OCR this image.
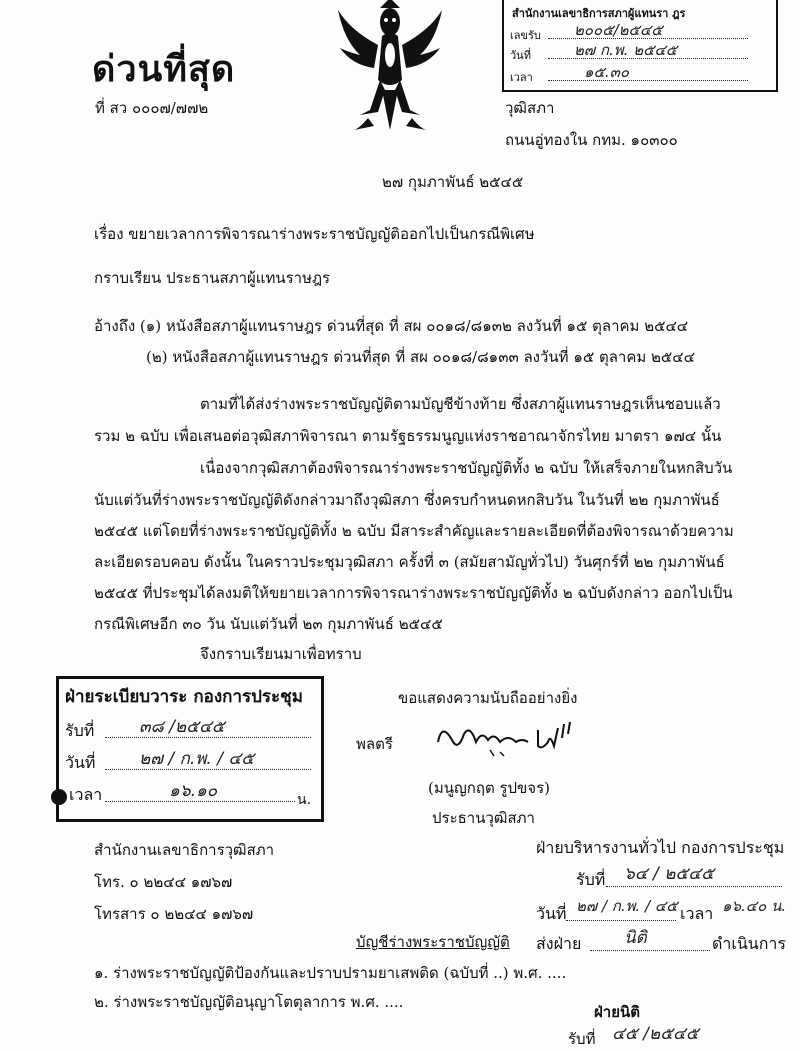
ด่วนที่สุด
ที่ สว ๐๐๐๗/๗๗๒
สำนักงานเลขาธิการสภาผู้แทนรา ฎร
เลขรับ ๒๐๐๕/๒๕๔๕
วันที่	๒๗ ก.พ. ๒๕๔๕
เวลา	๑๕.๓๐
วุฒิสภา
ถนนอู่ทองใน กทม. ๑๐๓๐๐
๒๗ กุมภาพันธ์ ๒๕๔๕
เรื่อง ขยายเวลาการพิจารณาร่างพระราชบัญญัติออกไปเป็นกรณีพิเศษ
กราบเรียน ประธานสภาผู้แทนราษฎร
อ้างถึง (๑) หนังสือสภาผู้แทนราษฎร ด่วนที่สุด ที่ สผ ๐๐๑๘/๘๑๓๒ ลงวันที่ ๑๕ ตุลาคม ๒๕๔๔
(๒) หนังสือสภาผู้แทนราษฎร ด่วนที่สุด ที่ สผ ๐๐๑๘/๘๑๓๓ ลงวันที่ ๑๕ ตุลาคม ๒๕๔๔
ตามที่ได้ส่งร่างพระราชบัญญัติตามบัญชีข้างท้าย ซึ่งสภาผู้แทนราษฎรเห็นชอบแล้ว
รวม ๒ ฉบับ เพื่อเสนอต่อวุฒิสภาพิจารณา ตามรัฐธรรมนูญแห่งราชอาณาจักรไทย มาตรา ๑๗๔ นั้น
เนื่องจากวุฒิสภาต้องพิจารณาร่างพระราชบัญญัติทั้ง ๒ ฉบับ ให้เสร็จภายในหกสิบวัน
นับแต่วันที่ร่างพระราชบัญญัติดังกล่าวมาถึงวุฒิสภา ซึ่งครบกำหนดหกสิบวัน ในวันที่ ๒๒ กุมภาพันธ์
๒๕๔๕ แต่โดยที่ร่างพระราชบัญญัติทั้ง ๒ ฉบับ มีสาระสำคัญและรายละเอียดที่ต้องพิจารณาด้วยความ
ละเอียดรอบคอบ ดังนั้น ในคราวประชุมวุฒิสภา ครั้งที่ ๓ (สมัยสามัญทั่วไป) วันศุกร์ที่ ๒๒ กุมภาพันธ์
๒๕๔๕ ที่ประชุมได้ลงมติให้ขยายเวลาการพิจารณาร่างพระราชบัญญัติทั้ง ๒ ฉบับดังกล่าว ออกไปเป็น
กรณีพิเศษอีก ๓๐ วัน นับแต่วันที่ ๒๓ กุมภาพันธ์ ๒๕๔๕
จึงกราบเรียนมาเพื่อทราบ
ฝ่ายระเบียบวาระ กองการประชุม
รับที่	๓๘ /๒๕๔๕
วันที่	๒๗ / ก.พ. / ๔๕
เวลา	๑๖.๑๐	น.
ขอแสดงความนับถืออย่างยิ่ง
พลตรี
(มนูญกฤต รูปขจร)
ประธานวุฒิสภา
สำนักงานเลขาธิการวุฒิสภา
โทร. ๐ ๒๒๔๔ ๑๗๖๗
โทรสาร ๐ ๒๒๔๔ ๑๗๖๗
ฝ่ายบริหารงานทั่วไป กองการประชุม
รับที่ ๖๔ / ๒๕๔๕
วันที่ ๒๗ / ก.พ. / ๔๕ เวลา ๑๖.๔๐ น.
ส่งฝ่าย	นิติ	ดำเนินการ
บัญชีร่างพระราชบัญญัติ
๑. ร่างพระราชบัญญัติป้องกันและปราบปรามยาเสพติด (ฉบับที่ ..) พ.ศ. ....
๒. ร่างพระราชบัญญัติอนุญาโตตุลาการ พ.ศ. ....
ฝ่ายนิติ
รับที่ ๔๕ /๒๕๔๕
